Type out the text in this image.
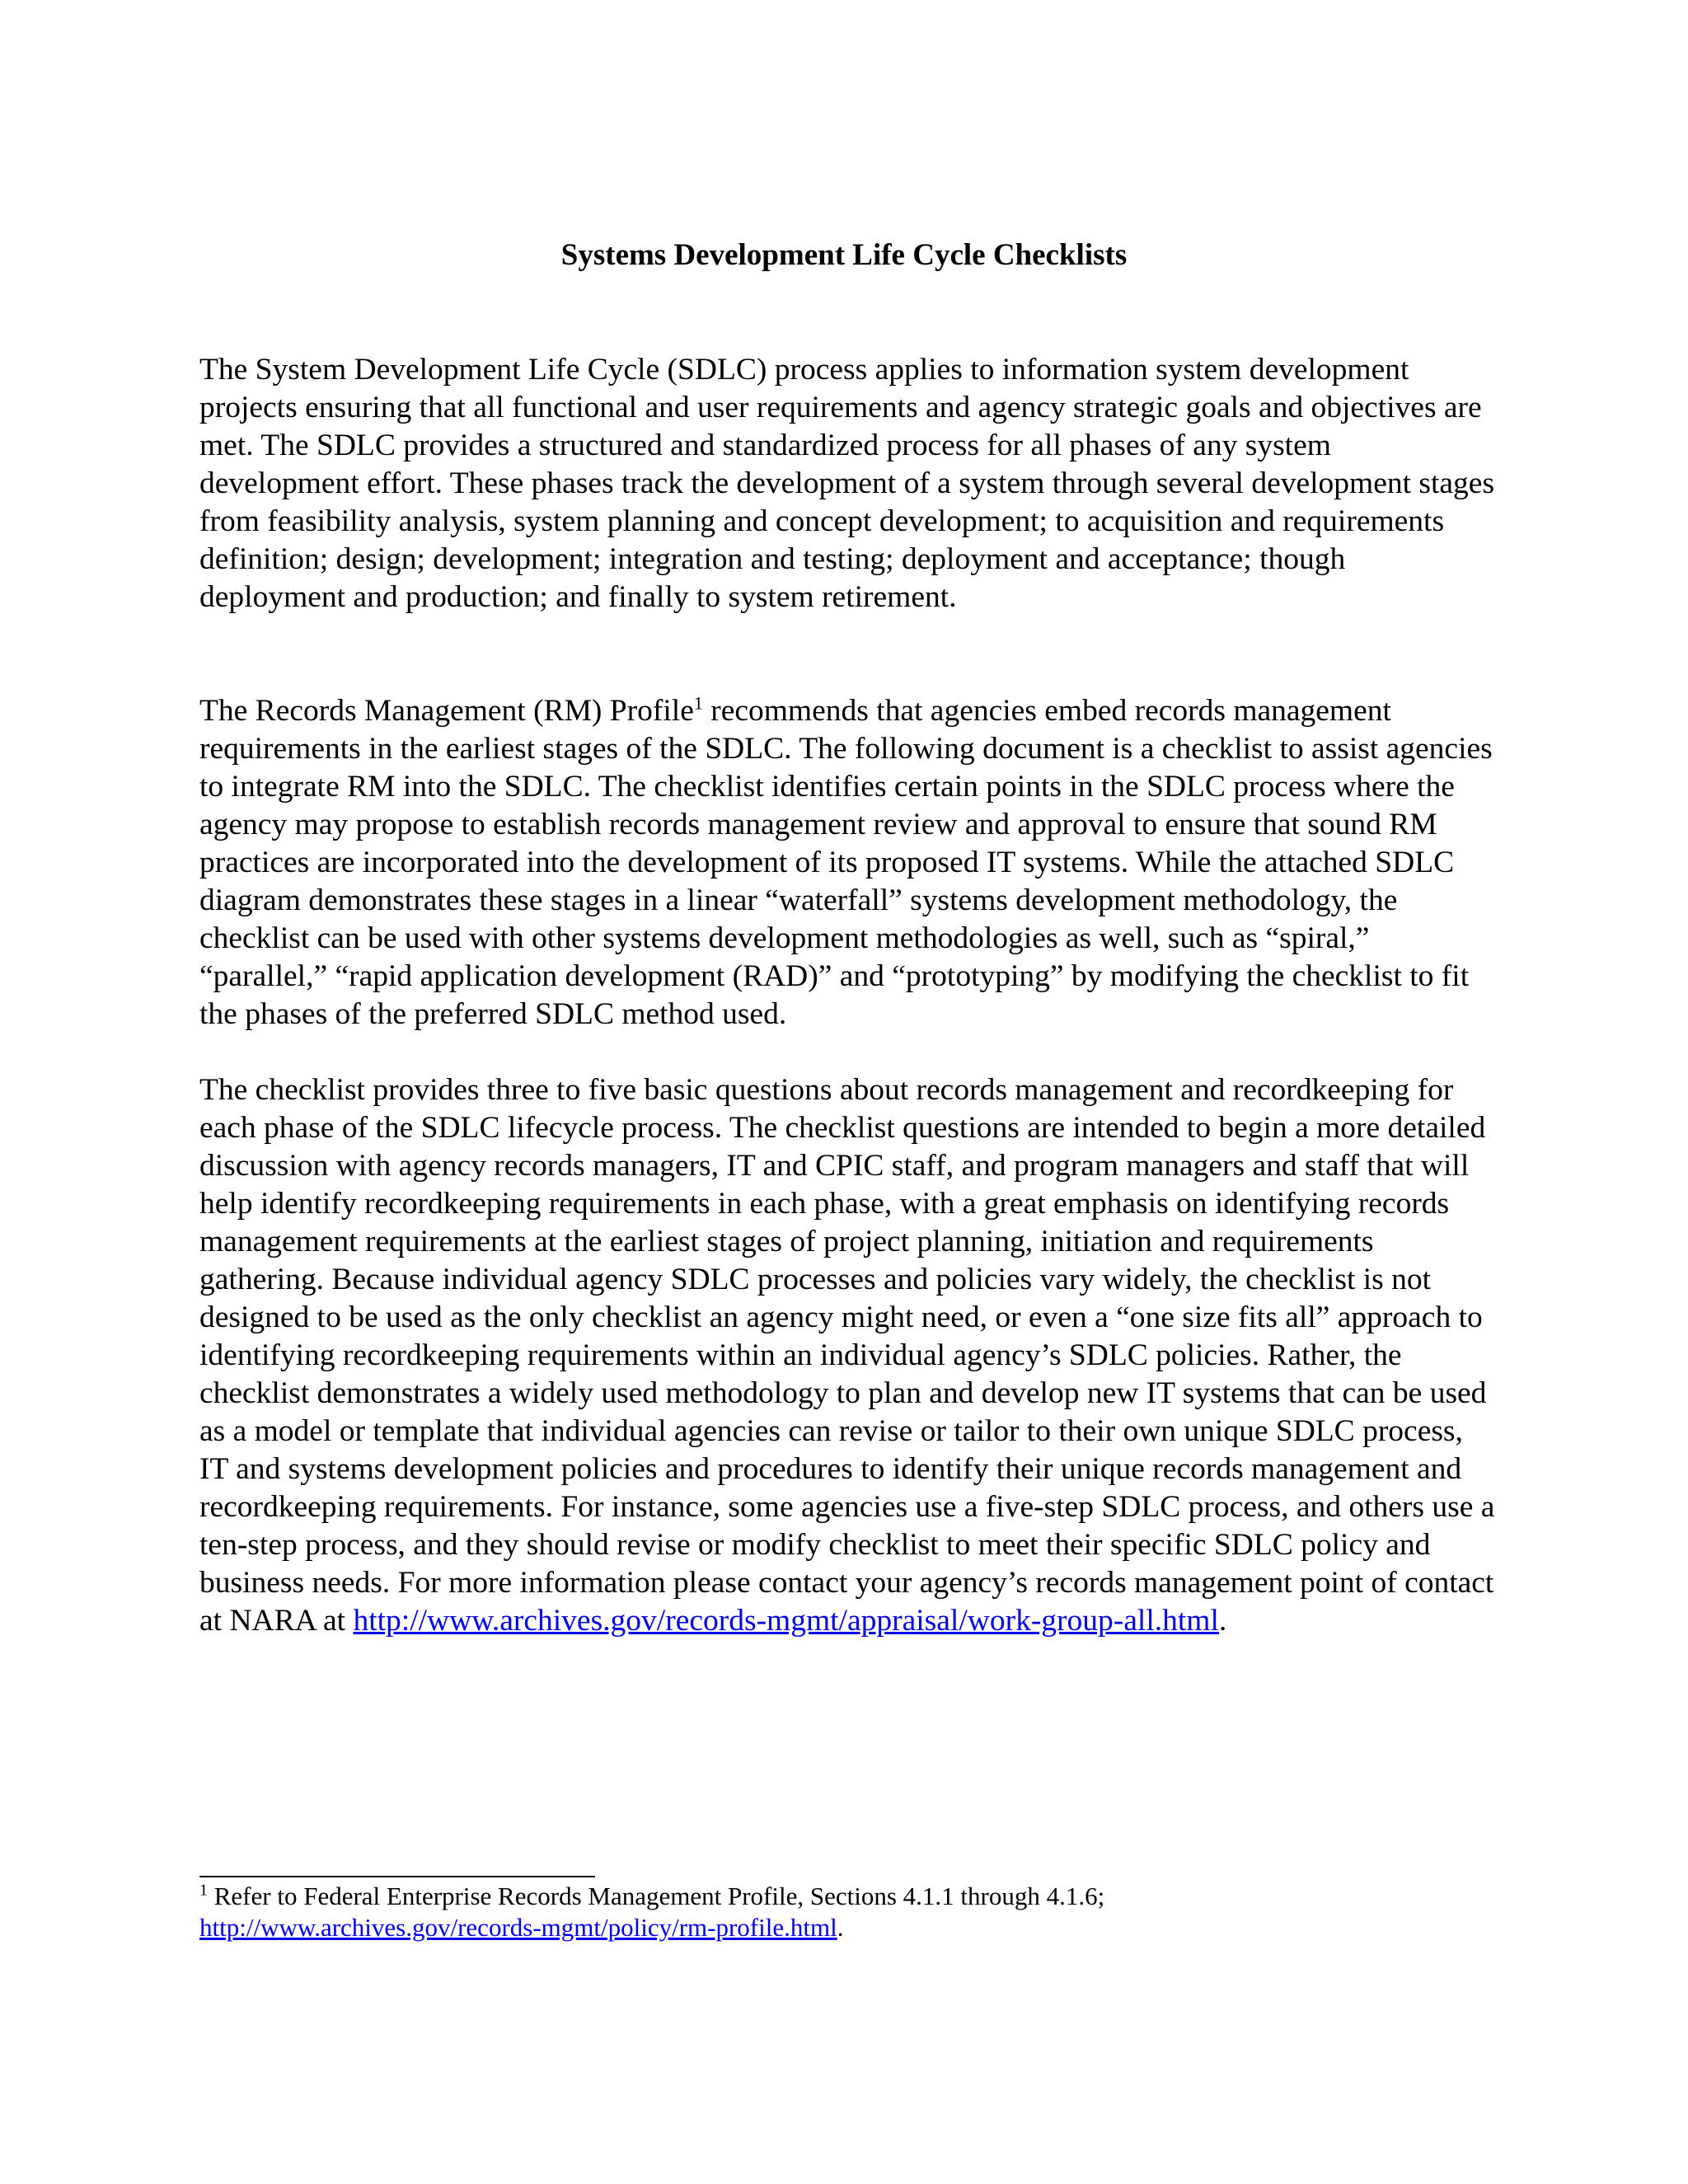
Systems Development Life Cycle Checklists

The System Development Life Cycle (SDLC) process applies to information system development projects ensuring that all functional and user requirements and agency strategic goals and objectives are met. The SDLC provides a structured and standardized process for all phases of any system development effort. These phases track the development of a system through several development stages from feasibility analysis, system planning and concept development; to acquisition and requirements definition; design; development; integration and testing; deployment and acceptance; though deployment and production; and finally to system retirement.

The Records Management (RM) Profile$^1$ recommends that agencies embed records management requirements in the earliest stages of the SDLC. The following document is a checklist to assist agencies to integrate RM into the SDLC. The checklist identifies certain points in the SDLC process where the agency may propose to establish records management review and approval to ensure that sound RM practices are incorporated into the development of its proposed IT systems. While the attached SDLC diagram demonstrates these stages in a linear “waterfall” systems development methodology, the checklist can be used with other systems development methodologies as well, such as “spiral,” “parallel,” “rapid application development (RAD)” and “prototyping” by modifying the checklist to fit the phases of the preferred SDLC method used.

The checklist provides three to five basic questions about records management and recordkeeping for each phase of the SDLC lifecycle process. The checklist questions are intended to begin a more detailed discussion with agency records managers, IT and CPIC staff, and program managers and staff that will help identify recordkeeping requirements in each phase, with a great emphasis on identifying records management requirements at the earliest stages of project planning, initiation and requirements gathering. Because individual agency SDLC processes and policies vary widely, the checklist is not designed to be used as the only checklist an agency might need, or even a “one size fits all” approach to identifying recordkeeping requirements within an individual agency’s SDLC policies. Rather, the checklist demonstrates a widely used methodology to plan and develop new IT systems that can be used as a model or template that individual agencies can revise or tailor to their own unique SDLC process, IT and systems development policies and procedures to identify their unique records management and recordkeeping requirements. For instance, some agencies use a five-step SDLC process, and others use a ten-step process, and they should revise or modify checklist to meet their specific SDLC policy and business needs. For more information please contact your agency’s records management point of contact at NARA at http://www.archives.gov/records-mgmt/appraisal/work-group-all.html.

$^1$ Refer to Federal Enterprise Records Management Profile, Sections 4.1.1 through 4.1.6;
http://www.archives.gov/records-mgmt/policy/rm-profile.html.
